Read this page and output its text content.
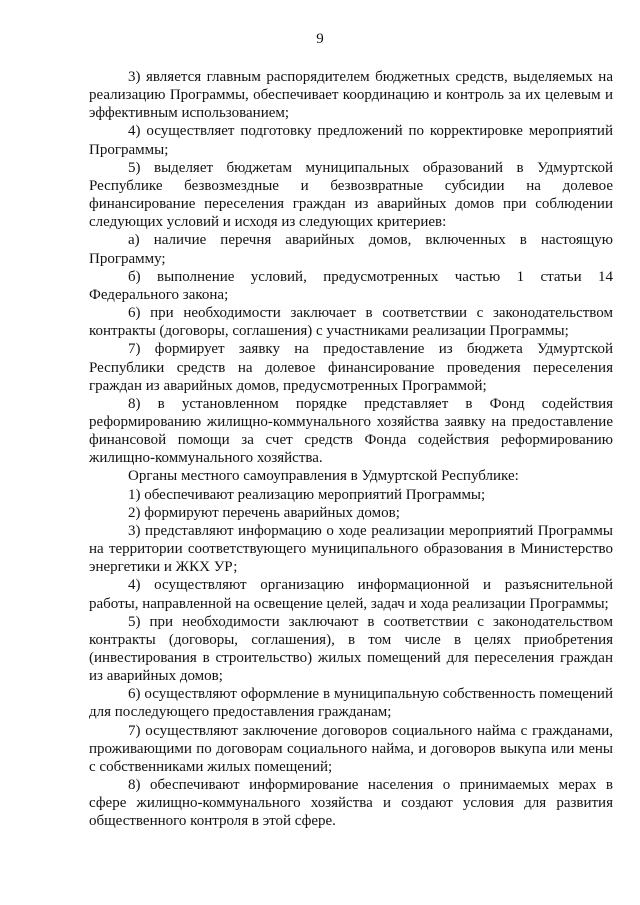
9

3) является главным распорядителем бюджетных средств, выделяемых на реализацию Программы, обеспечивает координацию и контроль за их целевым и эффективным использованием;

4) осуществляет подготовку предложений по корректировке мероприятий Программы;

5) выделяет бюджетам муниципальных образований в Удмуртской Республике безвозмездные и безвозвратные субсидии на долевое финансирование переселения граждан из аварийных домов при соблюдении следующих условий и исходя из следующих критериев:

а) наличие перечня аварийных домов, включенных в настоящую Программу;

б) выполнение условий, предусмотренных частью 1 статьи 14 Федерального закона;

6) при необходимости заключает в соответствии с законодательством контракты (договоры, соглашения) с участниками реализации Программы;

7) формирует заявку на предоставление из бюджета Удмуртской Республики средств на долевое финансирование проведения переселения граждан из аварийных домов, предусмотренных Программой;

8) в установленном порядке представляет в Фонд содействия реформированию жилищно-коммунального хозяйства заявку на предоставление финансовой помощи за счет средств Фонда содействия реформированию жилищно-коммунального хозяйства.

Органы местного самоуправления в Удмуртской Республике:

1) обеспечивают реализацию мероприятий Программы;

2) формируют перечень аварийных домов;

3) представляют информацию о ходе реализации мероприятий Программы на территории соответствующего муниципального образования в Министерство энергетики и ЖКХ УР;

4) осуществляют организацию информационной и разъяснительной работы, направленной на освещение целей, задач и хода реализации Программы;

5) при необходимости заключают в соответствии с законодательством контракты (договоры, соглашения), в том числе в целях приобретения (инвестирования в строительство) жилых помещений для переселения граждан из аварийных домов;

6) осуществляют оформление в муниципальную собственность помещений для последующего предоставления гражданам;

7) осуществляют заключение договоров социального найма с гражданами, проживающими по договорам социального найма, и договоров выкупа или мены с собственниками жилых помещений;

8) обеспечивают информирование населения о принимаемых мерах в сфере жилищно-коммунального хозяйства и создают условия для развития общественного контроля в этой сфере.
